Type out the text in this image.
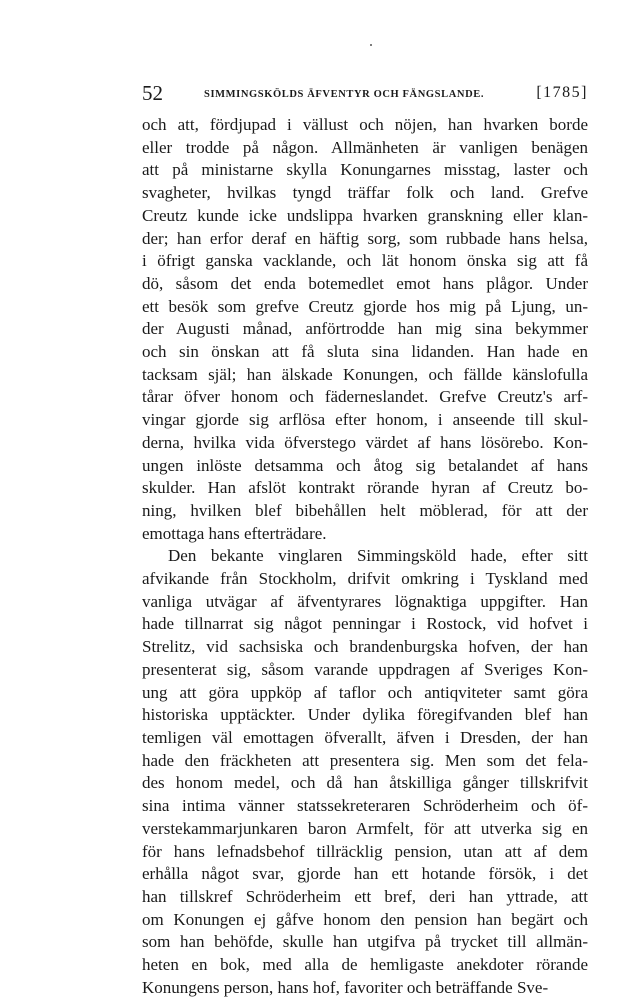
52	SIMMINGSKÖLDS ÄFVENTYR OCH FÄNGSLANDE.	[1785]
och att, fördjupad i vällust och nöjen, han hvarken borde
eller trodde på någon. Allmänheten är vanligen benägen
att på ministarne skylla Konungarnes misstag, laster och
svagheter, hvilkas tyngd träffar folk och land. Grefve
Creutz kunde icke undslippa hvarken granskning eller klan-
der; han erfor deraf en häftig sorg, som rubbade hans helsa,
i öfrigt ganska vacklande, och lät honom önska sig att få
dö, såsom det enda botemedlet emot hans plågor. Under
ett besök som grefve Creutz gjorde hos mig på Ljung, un-
der Augusti månad, anförtrodde han mig sina bekymmer
och sin önskan att få sluta sina lidanden. Han hade en
tacksam själ; han älskade Konungen, och fällde känslofulla
tårar öfver honom och fäderneslandet. Grefve Creutz's arf-
vingar gjorde sig arflösa efter honom, i anseende till skul-
derna, hvilka vida öfverstego värdet af hans lösörebo. Kon-
ungen inlöste detsamma och åtog sig betalandet af hans
skulder. Han afslöt kontrakt rörande hyran af Creutz bo-
ning, hvilken blef bibehållen helt möblerad, för att der
emottaga hans efterträdare.
Den bekante vinglaren Simmingsköld hade, efter sitt
afvikande från Stockholm, drifvit omkring i Tyskland med
vanliga utvägar af äfventyrares lögnaktiga uppgifter. Han
hade tillnarrat sig något penningar i Rostock, vid hofvet i
Strelitz, vid sachsiska och brandenburgska hofven, der han
presenterat sig, såsom varande uppdragen af Sveriges Kon-
ung att göra uppköp af taflor och antiqviteter samt göra
historiska upptäckter. Under dylika föregifvanden blef han
temligen väl emottagen öfverallt, äfven i Dresden, der han
hade den fräckheten att presentera sig. Men som det fela-
des honom medel, och då han åtskilliga gånger tillskrifvit
sina intima vänner statssekreteraren Schröderheim och öf-
verstekammarjunkaren baron Armfelt, för att utverka sig en
för hans lefnadsbehof tillräcklig pension, utan att af dem
erhålla något svar, gjorde han ett hotande försök, i det
han tillskref Schröderheim ett bref, deri han yttrade, att
om Konungen ej gåfve honom den pension han begärt och
som han behöfde, skulle han utgifva på trycket till allmän-
heten en bok, med alla de hemligaste anekdoter rörande
Konungens person, hans hof, favoriter och beträffande Sve-
